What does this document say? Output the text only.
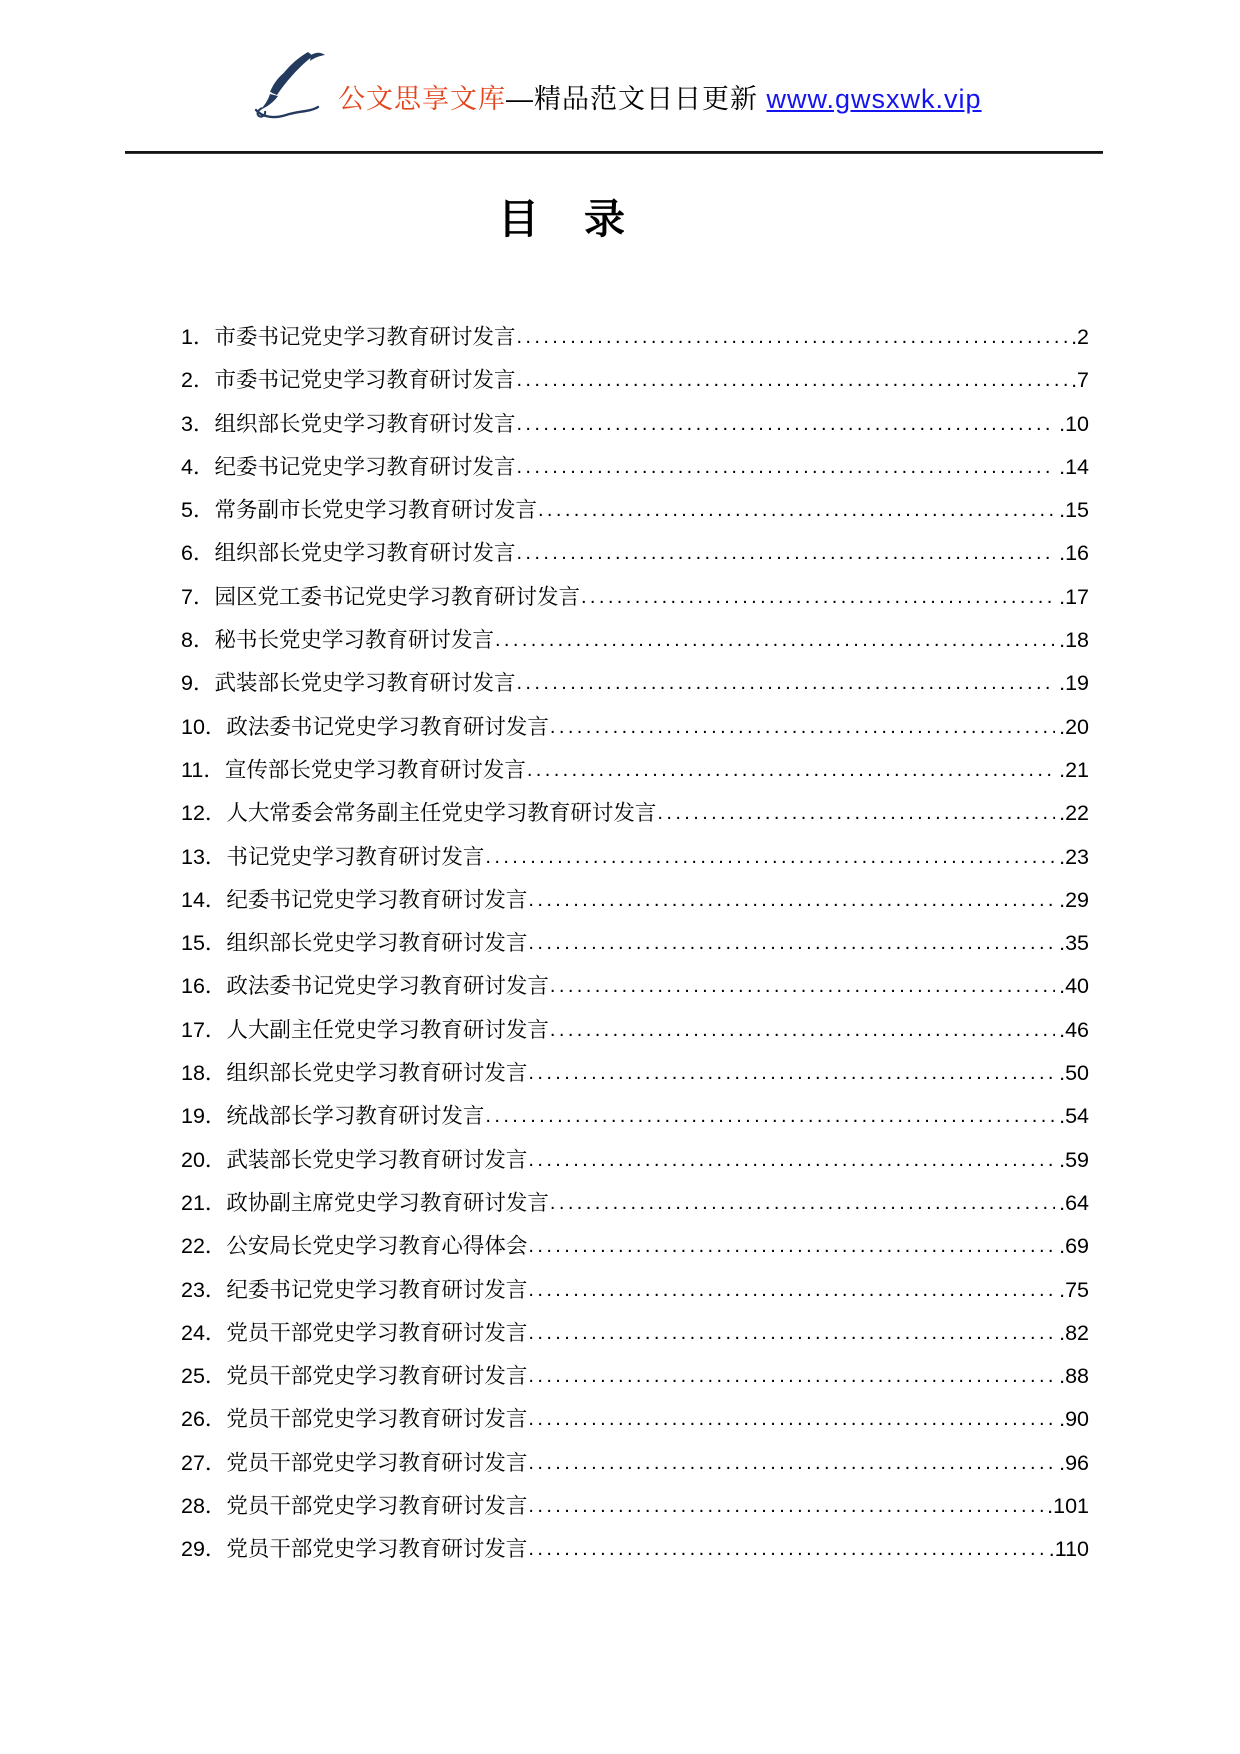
公文思享文库—精品范文日日更新 www.gwsxwk.vip
目　录
1．市委书记党史学习教育研讨发言 .....	.2
2．市委书记党史学习教育研讨发言 .....	.7
3．组织部长党史学习教育研讨发言 .....	.10
4．纪委书记党史学习教育研讨发言 .....	.14
5．常务副市长党史学习教育研讨发言 .....	.15
6．组织部长党史学习教育研讨发言 .....	.16
7．园区党工委书记党史学习教育研讨发言 .....	.17
8．秘书长党史学习教育研讨发言 .....	.18
9．武装部长党史学习教育研讨发言 .....	.19
10．政法委书记党史学习教育研讨发言 .....	.20
11．宣传部长党史学习教育研讨发言 .....	.21
12．人大常委会常务副主任党史学习教育研讨发言 .....	.22
13．书记党史学习教育研讨发言 .....	.23
14．纪委书记党史学习教育研讨发言 .....	.29
15．组织部长党史学习教育研讨发言 .....	.35
16．政法委书记党史学习教育研讨发言 .....	.40
17．人大副主任党史学习教育研讨发言 .....	.46
18．组织部长党史学习教育研讨发言 .....	.50
19．统战部长学习教育研讨发言 .....	.54
20．武装部长党史学习教育研讨发言 .....	.59
21．政协副主席党史学习教育研讨发言 .....	.64
22．公安局长党史学习教育心得体会 .....	.69
23．纪委书记党史学习教育研讨发言 .....	.75
24．党员干部党史学习教育研讨发言 .....	.82
25．党员干部党史学习教育研讨发言 .....	.88
26．党员干部党史学习教育研讨发言 .....	.90
27．党员干部党史学习教育研讨发言 .....	.96
28．党员干部党史学习教育研讨发言 .....	.101
29．党员干部党史学习教育研讨发言 .....	.110
